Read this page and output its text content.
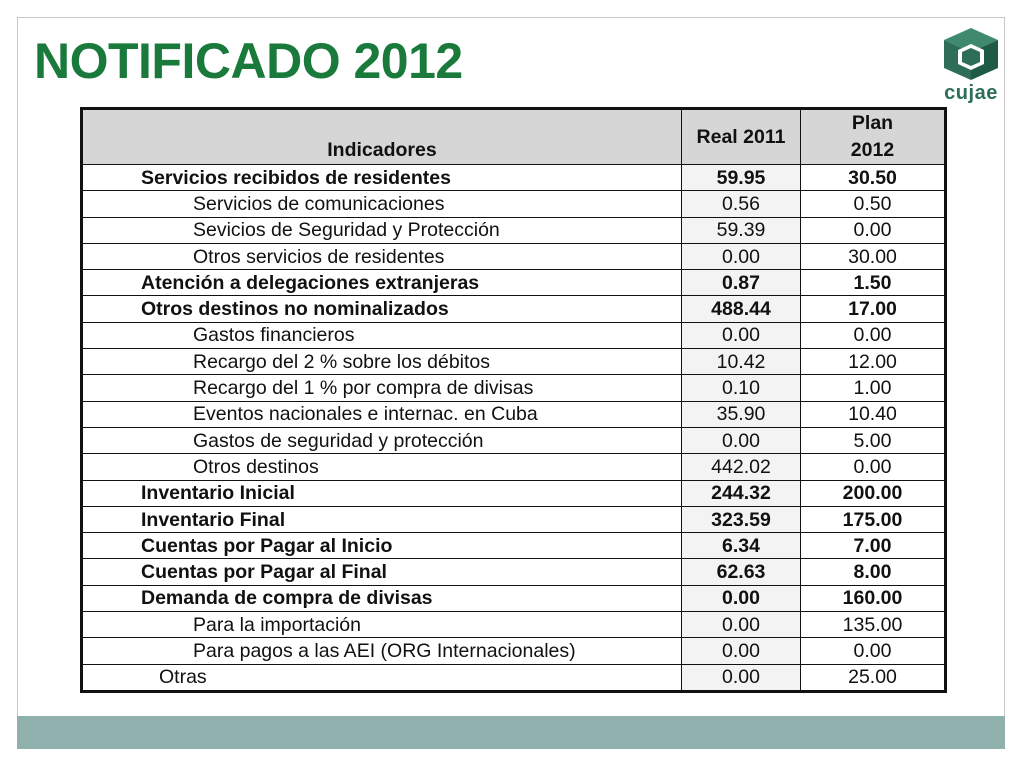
NOTIFICADO 2012
cujae
Indicadores	Real 2011	Plan
2012
Servicios recibidos de residentes	59.95	30.50
Servicios de comunicaciones	0.56	0.50
Sevicios de Seguridad y Protección	59.39	0.00
Otros servicios de residentes	0.00	30.00
Atención a delegaciones extranjeras	0.87	1.50
Otros destinos no nominalizados	488.44	17.00
Gastos financieros	0.00	0.00
Recargo del 2 % sobre los débitos	10.42	12.00
Recargo del 1 % por compra de divisas	0.10	1.00
Eventos nacionales e internac. en Cuba	35.90	10.40
Gastos de seguridad y protección	0.00	5.00
Otros destinos	442.02	0.00
Inventario Inicial	244.32	200.00
Inventario Final	323.59	175.00
Cuentas por Pagar al Inicio	6.34	7.00
Cuentas por Pagar al Final	62.63	8.00
Demanda de compra de divisas	0.00	160.00
Para la importación	0.00	135.00
Para pagos a las AEI (ORG Internacionales)	0.00	0.00
Otras	0.00	25.00
